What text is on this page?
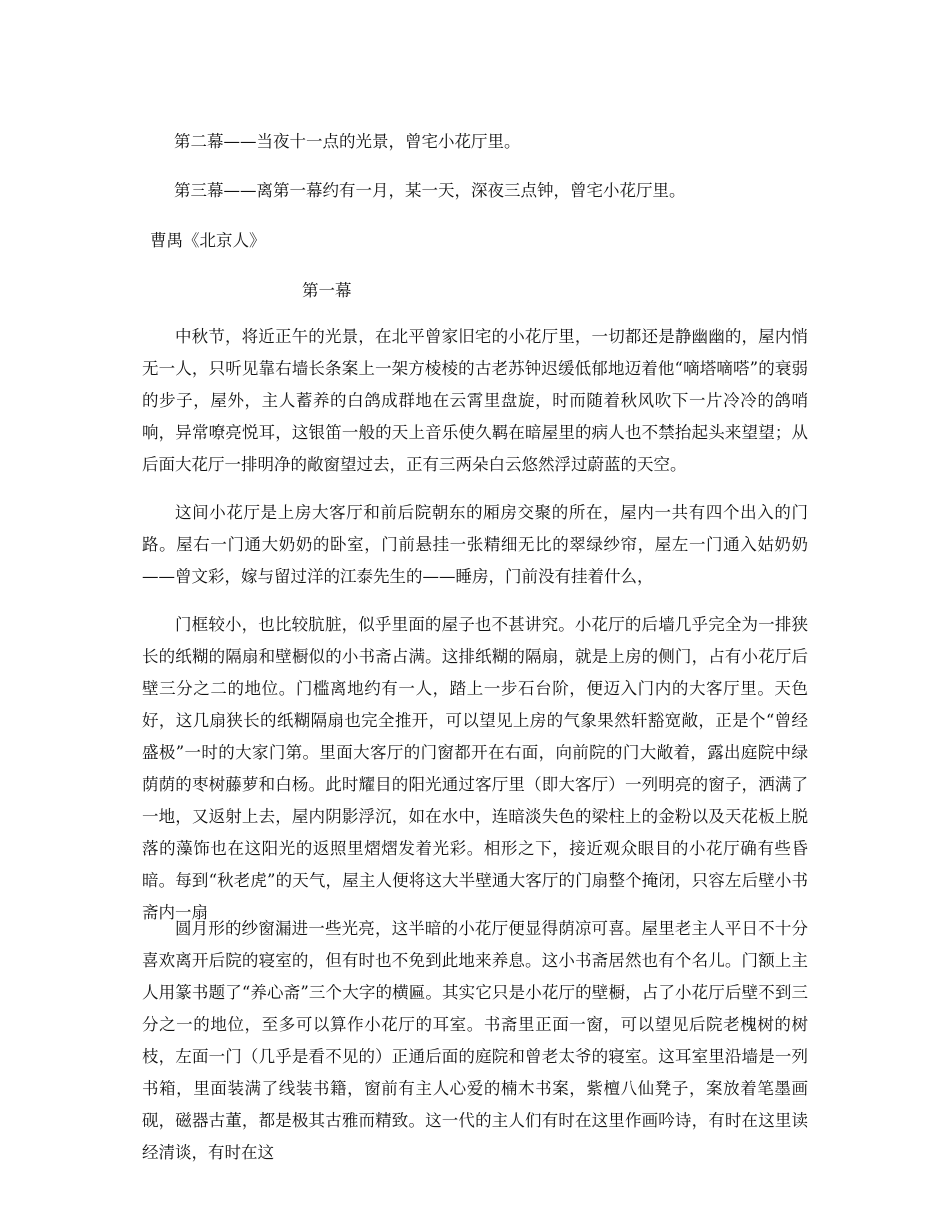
第二幕——当夜十一点的光景，曾宅小花厅里。

第三幕——离第一幕约有一月，某一天，深夜三点钟，曾宅小花厅里。

曹禺《北京人》

第一幕

中秋节，将近正午的光景，在北平曾家旧宅的小花厅里，一切都还是静幽幽的，屋内悄无一人，只听见靠右墙长条案上一架方棱棱的古老苏钟迟缓低郁地迈着他“嘀塔嘀嗒”的衰弱的步子，屋外，主人蓄养的白鸽成群地在云霄里盘旋，时而随着秋风吹下一片冷冷的鸽哨响，异常嘹亮悦耳，这银笛一般的天上音乐使久羁在暗屋里的病人也不禁抬起头来望望；从后面大花厅一排明净的敞窗望过去，正有三两朵白云悠然浮过蔚蓝的天空。

这间小花厅是上房大客厅和前后院朝东的厢房交聚的所在，屋内一共有四个出入的门路。屋右一门通大奶奶的卧室，门前悬挂一张精细无比的翠绿纱帘，屋左一门通入姑奶奶——曾文彩，嫁与留过洋的江泰先生的——睡房，门前没有挂着什么，

门框较小，也比较肮脏，似乎里面的屋子也不甚讲究。小花厅的后墙几乎完全为一排狭长的纸糊的隔扇和壁橱似的小书斋占满。这排纸糊的隔扇，就是上房的侧门，占有小花厅后壁三分之二的地位。门槛离地约有一人，踏上一步石台阶，便迈入门内的大客厅里。天色好，这几扇狭长的纸糊隔扇也完全推开，可以望见上房的气象果然轩豁宽敞，正是个“曾经盛极”一时的大家门第。里面大客厅的门窗都开在右面，向前院的门大敞着，露出庭院中绿荫荫的枣树藤萝和白杨。此时耀目的阳光通过客厅里（即大客厅）一列明亮的窗子，洒满了一地，又返射上去，屋内阴影浮沉，如在水中，连暗淡失色的梁柱上的金粉以及天花板上脱落的藻饰也在这阳光的返照里熠熠发着光彩。相形之下，接近观众眼目的小花厅确有些昏暗。每到“秋老虎”的天气，屋主人便将这大半壁通大客厅的门扇整个掩闭，只容左后壁小书斋内一扇

圆月形的纱窗漏进一些光亮，这半暗的小花厅便显得荫凉可喜。屋里老主人平日不十分喜欢离开后院的寝室的，但有时也不免到此地来养息。这小书斋居然也有个名儿。门额上主人用篆书题了“养心斋”三个大字的横匾。其实它只是小花厅的壁橱，占了小花厅后壁不到三分之一的地位，至多可以算作小花厅的耳室。书斋里正面一窗，可以望见后院老槐树的树枝，左面一门（几乎是看不见的）正通后面的庭院和曾老太爷的寝室。这耳室里沿墙是一列书箱，里面装满了线装书籍，窗前有主人心爱的楠木书案，紫檀八仙凳子，案放着笔墨画砚，磁器古董，都是极其古雅而精致。这一代的主人们有时在这里作画吟诗，有时在这里读经清谈，有时在这
